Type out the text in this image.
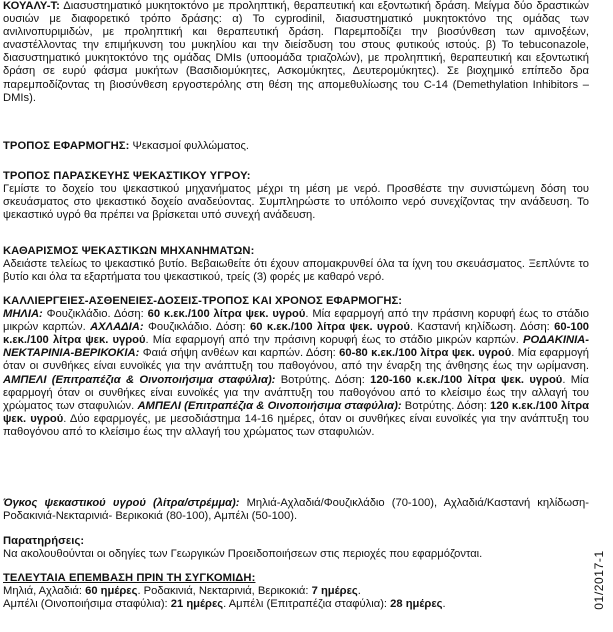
ΚΟΥΑΛΥ-Τ: Διασυστηματικό μυκητοκτόνο με προληπτική, θεραπευτική και εξοντωτική δράση. Μείγμα δύο δραστικών ουσιών με διαφορετικό τρόπο δράσης: α) Το cyprodinil, διασυστηματικό μυκητοκτόνο της ομάδας των ανιλινοπυριμιδών, με προληπτική και θεραπευτική δράση. Παρεμποδίζει την βιοσύνθεση των αμινοξέων, αναστέλλοντας την επιμήκυνση του μυκηλίου και την διείσδυση του στους φυτικούς ιστούς. β) Το tebuconazole, διασυστηματικό μυκητοκτόνο της ομάδας DMIs (υποομάδα τριαζολών), με προληπτική, θεραπευτική και εξοντωτική δράση σε ευρύ φάσμα μυκήτων (Βασιδιομύκητες, Ασκομύκητες, Δευτερομύκητες). Σε βιοχημικό επίπεδο δρα παρεμποδίζοντας τη βιοσύνθεση εργοστερόλης στη θέση της απομεθυλίωσης του C-14 (Demethylation Inhibitors – DMIs).
ΤΡΟΠΟΣ ΕΦΑΡΜΟΓΗΣ: Ψεκασμοί φυλλώματος.
ΤΡΟΠΟΣ ΠΑΡΑΣΚΕΥΗΣ ΨΕΚΑΣΤΙΚΟΥ ΥΓΡΟΥ:
Γεμίστε το δοχείο του ψεκαστικού μηχανήματος μέχρι τη μέση με νερό. Προσθέστε την συνιστώμενη δόση του σκευάσματος στο ψεκαστικό δοχείο αναδεύοντας. Συμπληρώστε το υπόλοιπο νερό συνεχίζοντας την ανάδευση. Το ψεκαστικό υγρό θα πρέπει να βρίσκεται υπό συνεχή ανάδευση.
ΚΑΘΑΡΙΣΜΟΣ ΨΕΚΑΣΤΙΚΩΝ ΜΗΧΑΝΗΜΑΤΩΝ:
Αδειάστε τελείως το ψεκαστικό βυτίο. Βεβαιωθείτε ότι έχουν απομακρυνθεί όλα τα ίχνη του σκευάσματος. Ξεπλύντε το βυτίο και όλα τα εξαρτήματα του ψεκαστικού, τρείς (3) φορές με καθαρό νερό.
ΚΑΛΛΙΕΡΓΕΙΕΣ-ΑΣΘΕΝΕΙΕΣ-ΔΟΣΕΙΣ-ΤΡΟΠΟΣ ΚΑΙ ΧΡΟΝΟΣ ΕΦΑΡΜΟΓΗΣ:
ΜΗΛΙΑ: Φουζικλάδιο. Δόση: 60 κ.εκ./100 λίτρα ψεκ. υγρού. Μία εφαρμογή από την πράσινη κορυφή έως το στάδιο μικρών καρπών. ΑΧΛΑΔΙΑ: Φουζικλάδιο. Δόση: 60 κ.εκ./100 λίτρα ψεκ. υγρού. Καστανή κηλίδωση. Δόση: 60-100 κ.εκ./100 λίτρα ψεκ. υγρού. Μία εφαρμογή από την πράσινη κορυφή έως το στάδιο μικρών καρπών. ΡΟΔΑΚΙΝΙΑ-ΝΕΚΤΑΡΙΝΙΑ-ΒΕΡΙΚΟΚΙΑ: Φαιά σήψη ανθέων και καρπών. Δόση: 60-80 κ.εκ./100 λίτρα ψεκ. υγρού. Μία εφαρμογή όταν οι συνθήκες είναι ευνοϊκές για την ανάπτυξη του παθογόνου, από την έναρξη της άνθησης έως την ωρίμανση. ΑΜΠΕΛΙ (Επιτραπέζια & Οινοποιήσιμα σταφύλια): Βοτρύτης. Δόση: 120-160 κ.εκ./100 λίτρα ψεκ. υγρού. Μία εφαρμογή όταν οι συνθήκες είναι ευνοϊκές για την ανάπτυξη του παθογόνου από το κλείσιμο έως την αλλαγή του χρώματος των σταφυλιών. ΑΜΠΕΛΙ (Επιτραπέζια & Οινοποιήσιμα σταφύλια): Βοτρύτης. Δόση: 120 κ.εκ./100 λίτρα ψεκ. υγρού. Δύο εφαρμογές, με μεσοδιάστημα 14-16 ημέρες, όταν οι συνθήκες είναι ευνοϊκές για την ανάπτυξη του παθογόνου από το κλείσιμο έως την αλλαγή του χρώματος των σταφυλιών.
Όγκος ψεκαστικού υγρού (λίτρα/στρέμμα): Μηλιά-Αχλαδιά/Φουζικλάδιο (70-100), Αχλαδιά/Καστανή κηλίδωση-Ροδακινιά-Νεκταρινιά- Βερικοκιά (80-100), Αμπέλι (50-100).
Παρατηρήσεις:
Να ακολουθούνται οι οδηγίες των Γεωργικών Προειδοποιήσεων στις περιοχές που εφαρμόζονται.
ΤΕΛΕΥΤΑΙΑ ΕΠΕΜΒΑΣΗ ΠΡΙΝ ΤΗ ΣΥΓΚΟΜΙΔΗ:
Μηλιά, Αχλαδιά: 60 ημέρες. Ροδακινιά, Νεκταρινιά, Βερικοκιά: 7 ημέρες.
Αμπέλι (Οινοποιήσιμα σταφύλια): 21 ημέρες. Αμπέλι (Επιτραπέζια σταφύλια): 28 ημέρες.	01/2017-1
